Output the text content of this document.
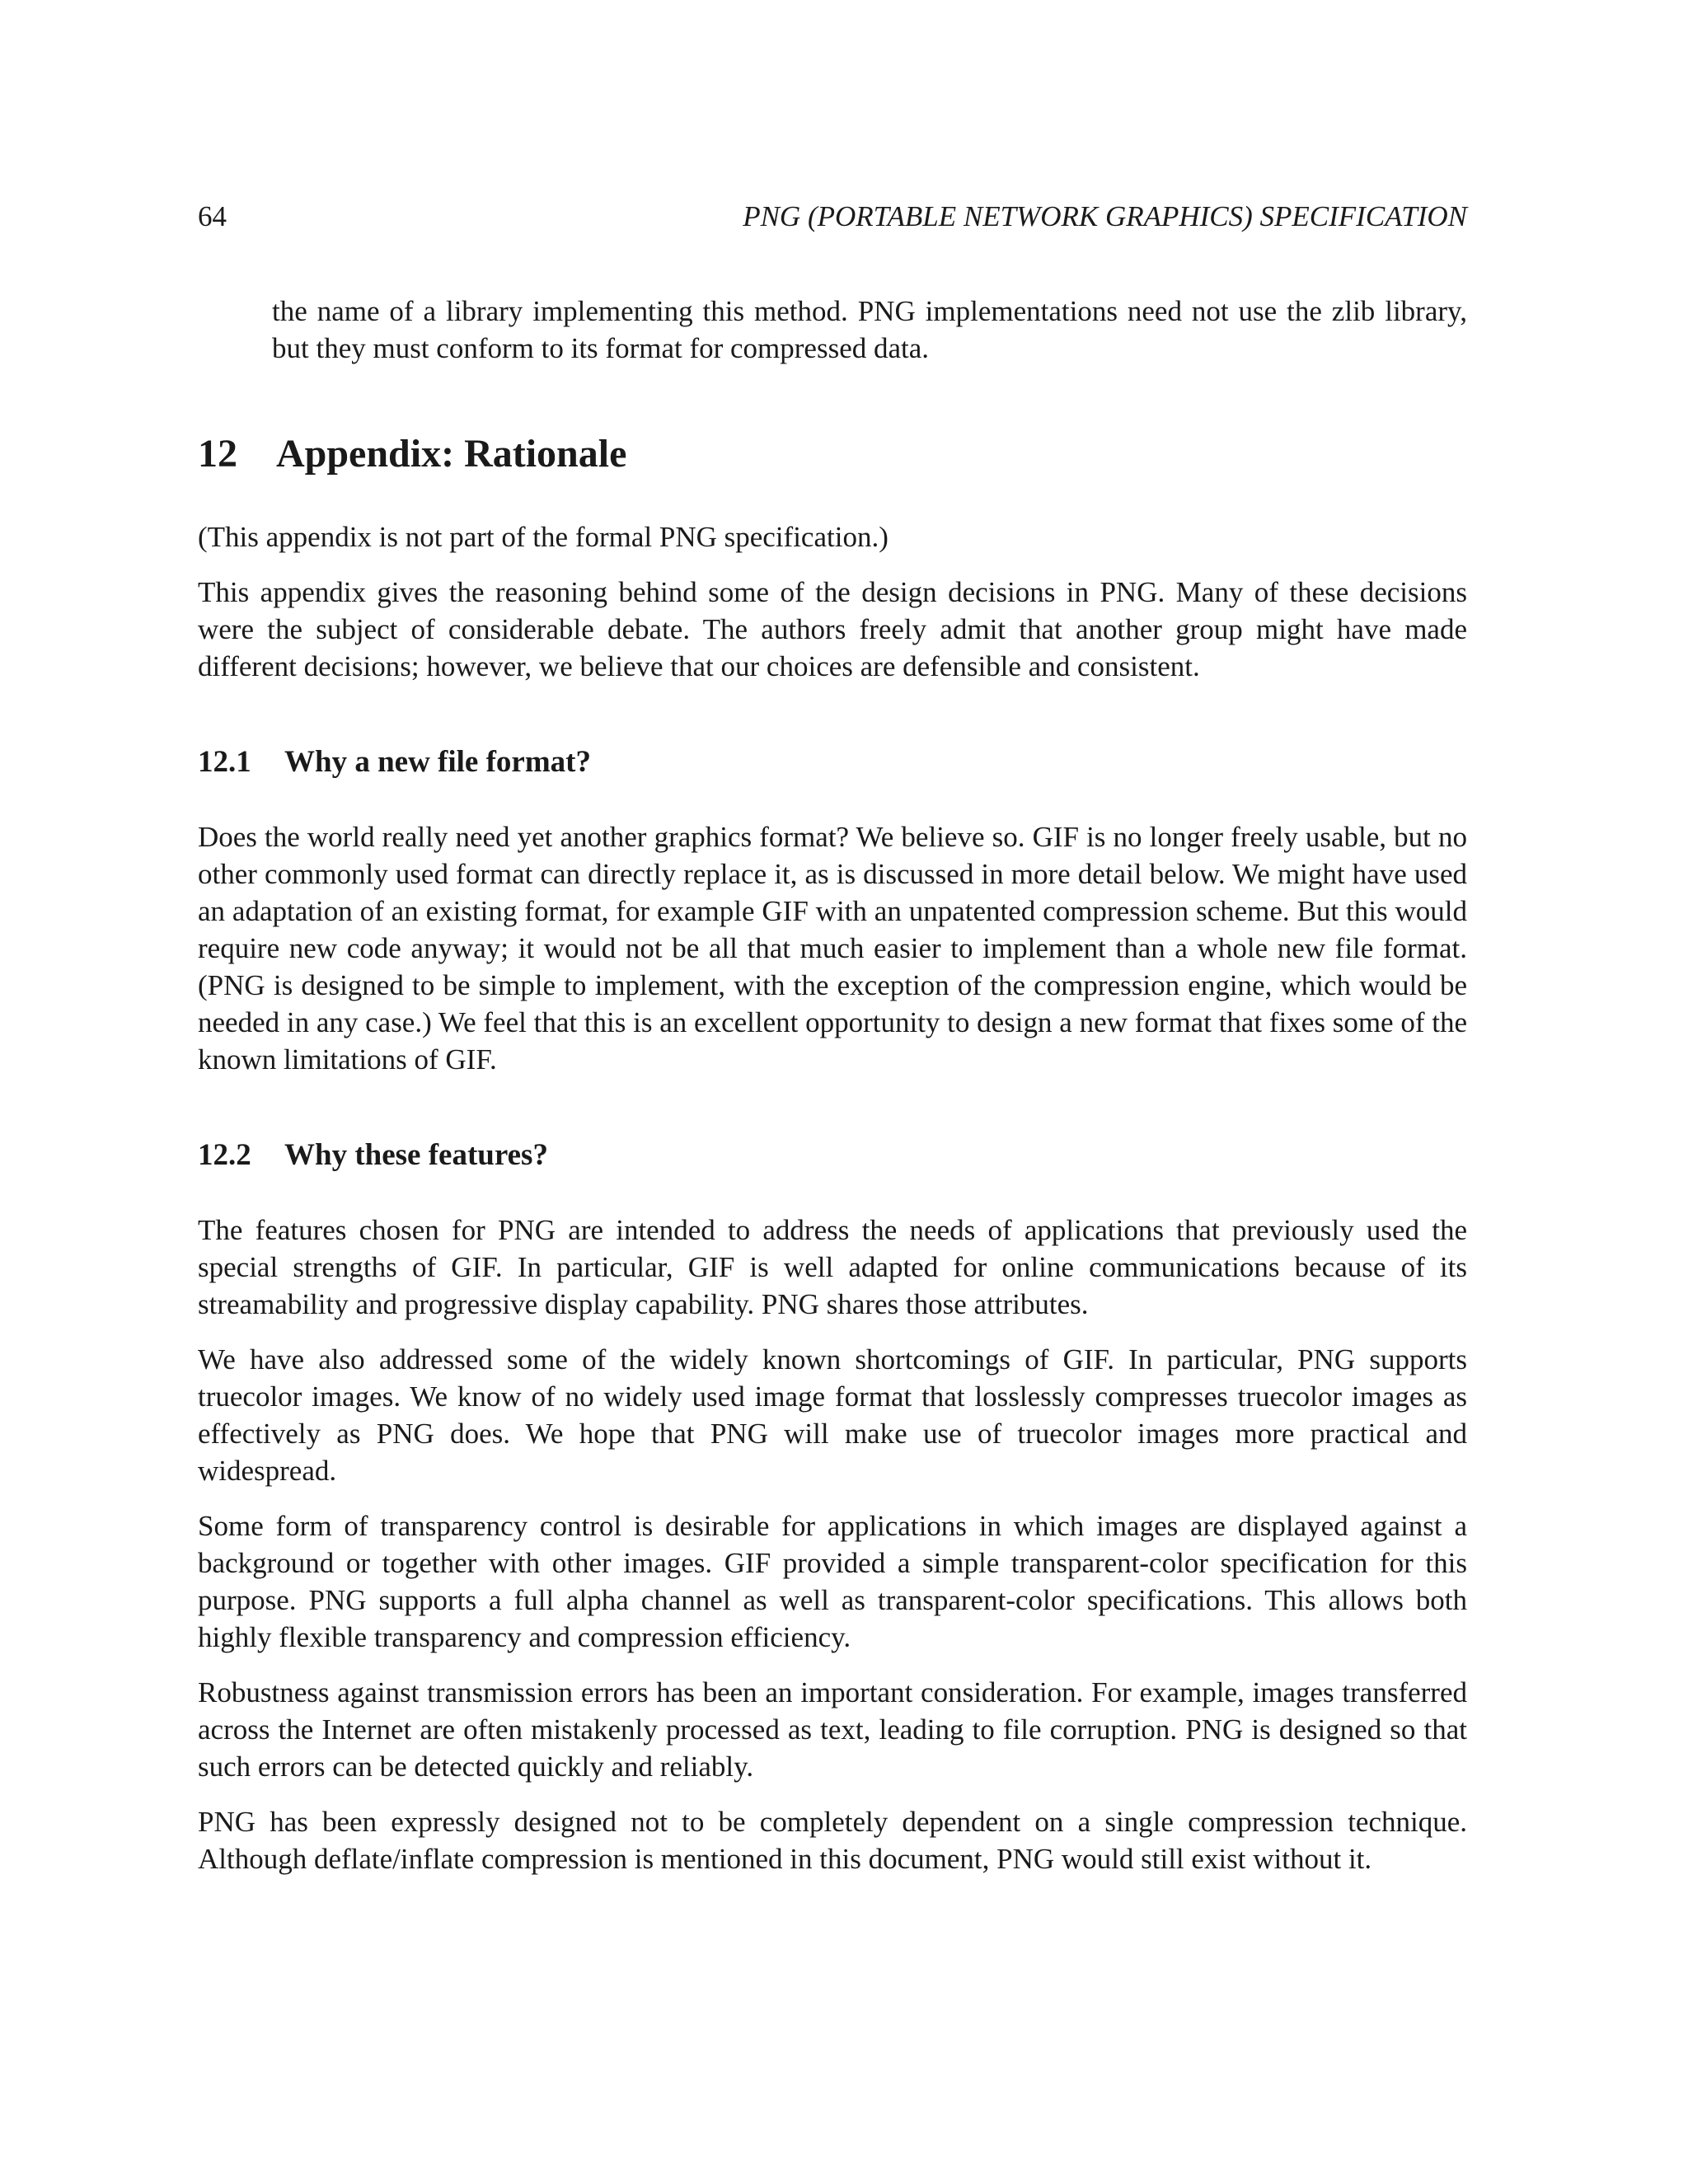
64	PNG (PORTABLE NETWORK GRAPHICS) SPECIFICATION

the name of a library implementing this method. PNG implementations need not use the zlib library, but they must conform to its format for compressed data.

12 Appendix: Rationale

(This appendix is not part of the formal PNG specification.)

This appendix gives the reasoning behind some of the design decisions in PNG. Many of these decisions were the subject of considerable debate. The authors freely admit that another group might have made different decisions; however, we believe that our choices are defensible and consistent.

12.1 Why a new file format?

Does the world really need yet another graphics format? We believe so. GIF is no longer freely usable, but no other commonly used format can directly replace it, as is discussed in more detail below. We might have used an adaptation of an existing format, for example GIF with an unpatented compression scheme. But this would require new code anyway; it would not be all that much easier to implement than a whole new file format. (PNG is designed to be simple to implement, with the exception of the compression engine, which would be needed in any case.) We feel that this is an excellent opportunity to design a new format that fixes some of the known limitations of GIF.

12.2 Why these features?

The features chosen for PNG are intended to address the needs of applications that previously used the special strengths of GIF. In particular, GIF is well adapted for online communications because of its streamability and progressive display capability. PNG shares those attributes.

We have also addressed some of the widely known shortcomings of GIF. In particular, PNG supports truecolor images. We know of no widely used image format that losslessly compresses truecolor images as effectively as PNG does. We hope that PNG will make use of truecolor images more practical and widespread.

Some form of transparency control is desirable for applications in which images are displayed against a background or together with other images. GIF provided a simple transparent-color specification for this purpose. PNG supports a full alpha channel as well as transparent-color specifications. This allows both highly flexible transparency and compression efficiency.

Robustness against transmission errors has been an important consideration. For example, images transferred across the Internet are often mistakenly processed as text, leading to file corruption. PNG is designed so that such errors can be detected quickly and reliably.

PNG has been expressly designed not to be completely dependent on a single compression technique. Although deflate/inflate compression is mentioned in this document, PNG would still exist without it.
